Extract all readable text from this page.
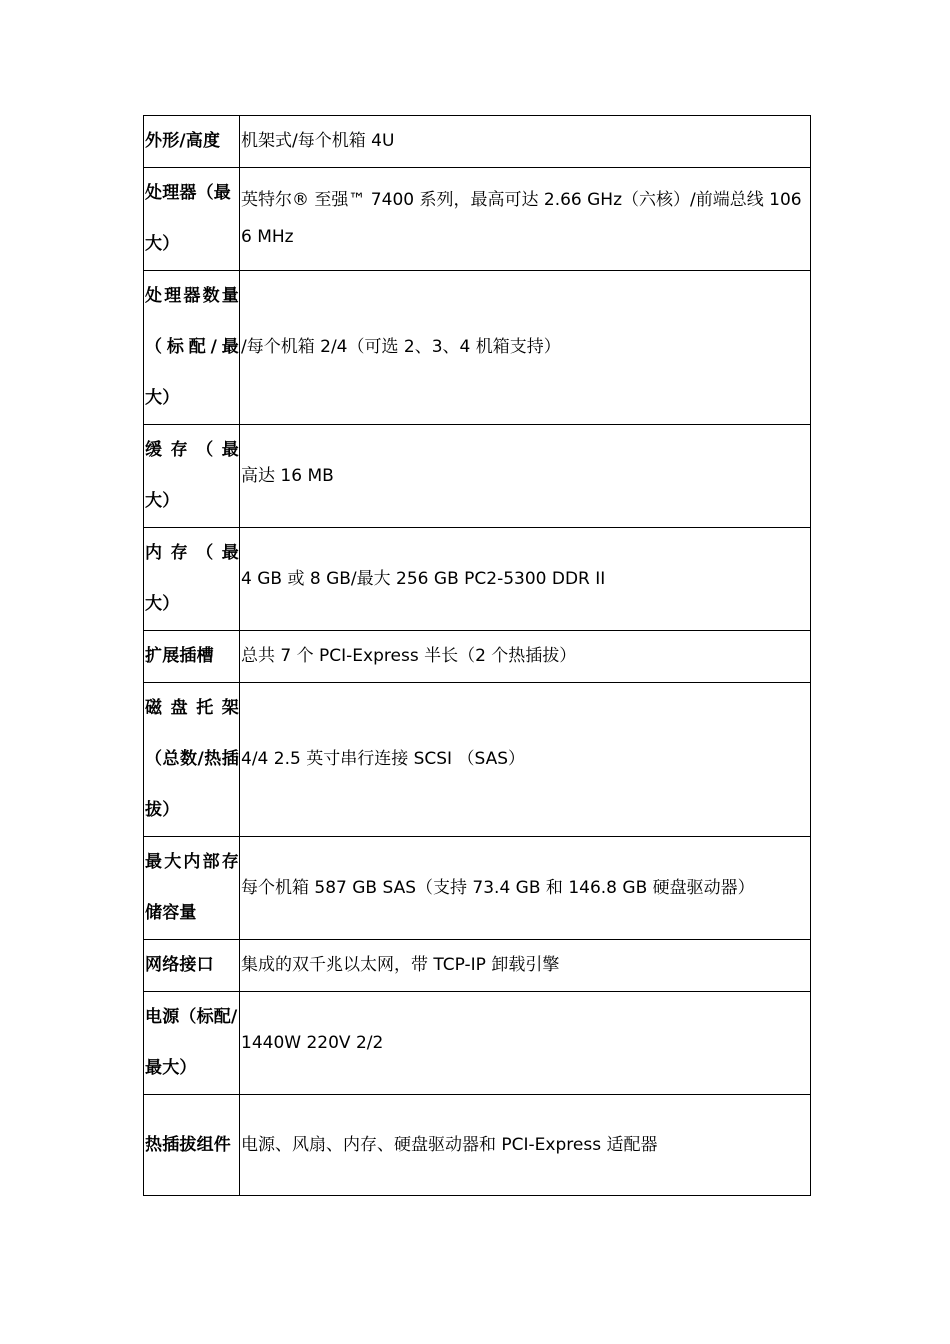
外形/高度	机架式/每个机箱 4U
处理器（最大）	英特尔® 至强™ 7400 系列，最高可达 2.66 GHz（六核）/前端总线 1066 MHz
处理器数量（标配/最大）	/每个机箱 2/4（可选 2、3、4 机箱支持）
缓存（最大）	高达 16 MB
内存（最大）	4 GB 或 8 GB/最大 256 GB PC2-5300 DDR II
扩展插槽	总共 7 个 PCI-Express 半长（2 个热插拔）
磁盘托架（总数/热插拔）	4/4 2.5 英寸串行连接 SCSI （SAS）
最大内部存储容量	每个机箱 587 GB SAS（支持 73.4 GB 和 146.8 GB 硬盘驱动器）
网络接口	集成的双千兆以太网，带 TCP-IP 卸载引擎
电源（标配/最大）	1440W 220V 2/2
热插拔组件	电源、风扇、内存、硬盘驱动器和 PCI-Express 适配器
